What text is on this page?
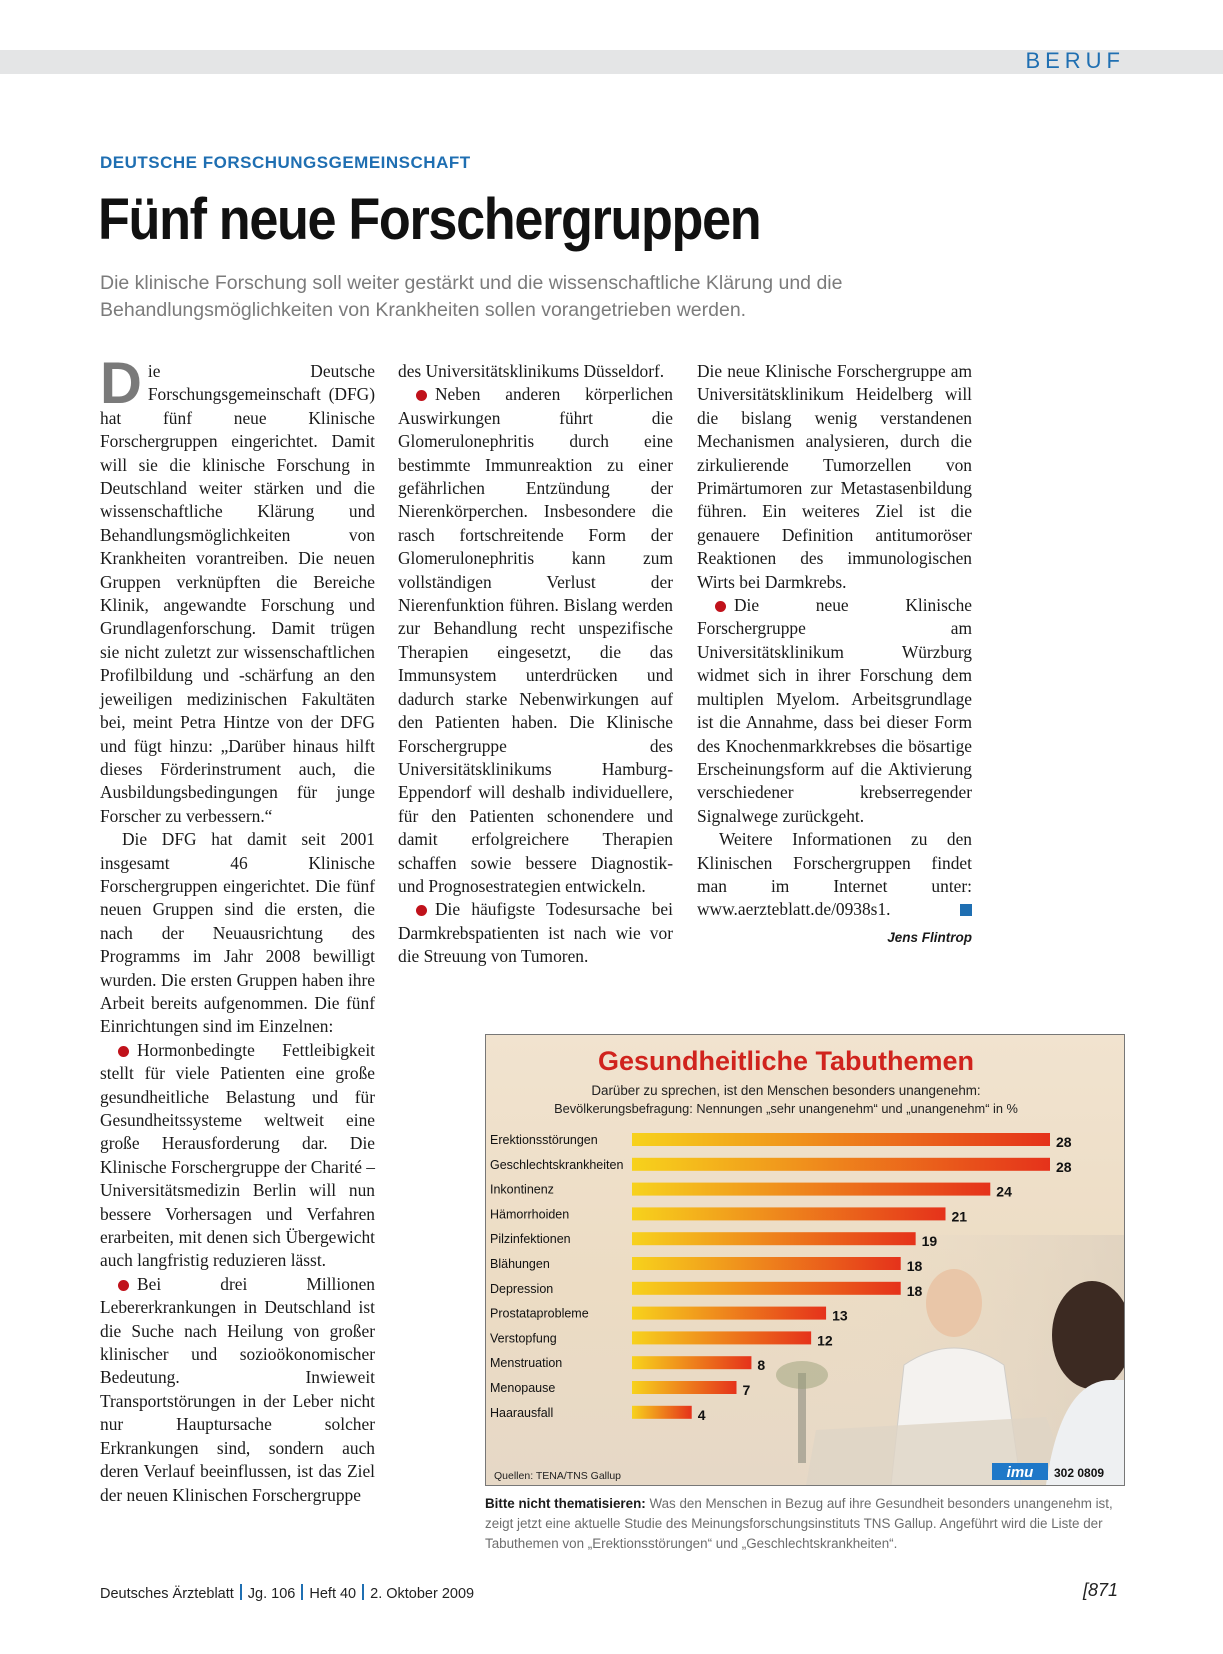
BERUF
DEUTSCHE FORSCHUNGSGEMEINSCHAFT
Fünf neue Forschergruppen
Die klinische Forschung soll weiter gestärkt und die wissenschaftliche Klärung und die Behandlungsmöglichkeiten von Krankheiten sollen vorangetrieben werden.

Die Deutsche Forschungsgemeinschaft (DFG) hat fünf neue Klinische Forschergruppen eingerichtet. Damit will sie die klinische Forschung in Deutschland weiter stärken und die wissenschaftliche Klärung und Behandlungsmöglichkeiten von Krankheiten vorantreiben. Die neuen Gruppen verknüpften die Bereiche Klinik, angewandte Forschung und Grundlagenforschung. Damit trügen sie nicht zuletzt zur wissenschaftlichen Profilbildung und -schärfung an den jeweiligen medizinischen Fakultäten bei, meint Petra Hintze von der DFG und fügt hinzu: „Darüber hinaus hilft dieses Förderinstrument auch, die Ausbildungsbedingungen für junge Forscher zu verbessern.“

Die DFG hat damit seit 2001 insgesamt 46 Klinische Forschergruppen eingerichtet. Die fünf neuen Gruppen sind die ersten, die nach der Neuausrichtung des Programms im Jahr 2008 bewilligt wurden. Die ersten Gruppen haben ihre Arbeit bereits aufgenommen. Die fünf Einrichtungen sind im Einzelnen:

Hormonbedingte Fettleibigkeit stellt für viele Patienten eine große gesundheitliche Belastung und für Gesundheitssysteme weltweit eine große Herausforderung dar. Die Klinische Forschergruppe der Charité – Universitätsmedizin Berlin will nun bessere Vorhersagen und Verfahren erarbeiten, mit denen sich Übergewicht auch langfristig reduzieren lässt.

Bei drei Millionen Lebererkrankungen in Deutschland ist die Suche nach Heilung von großer klinischer und sozioökonomischer Bedeutung. Inwieweit Transportstörungen in der Leber nicht nur Hauptursache solcher Erkrankungen sind, sondern auch deren Verlauf beeinflussen, ist das Ziel der neuen Klinischen Forschergruppe

des Universitätsklinikums Düsseldorf.

Neben anderen körperlichen Auswirkungen führt die Glomerulonephritis durch eine bestimmte Immunreaktion zu einer gefährlichen Entzündung der Nierenkörperchen. Insbesondere die rasch fortschreitende Form der Glomerulonephritis kann zum vollständigen Verlust der Nierenfunktion führen. Bislang werden zur Behandlung recht unspezifische Therapien eingesetzt, die das Immunsystem unterdrücken und dadurch starke Nebenwirkungen auf den Patienten haben. Die Klinische Forschergruppe des Universitätsklinikums Hamburg-Eppendorf will deshalb individuellere, für den Patienten schonendere und damit erfolgreichere Therapien schaffen sowie bessere Diagnostik- und Prognosestrategien entwickeln.

Die häufigste Todesursache bei Darmkrebspatienten ist nach wie vor die Streuung von Tumoren.

Die neue Klinische Forschergruppe am Universitätsklinikum Heidelberg will die bislang wenig verstandenen Mechanismen analysieren, durch die zirkulierende Tumorzellen von Primärtumoren zur Metastasenbildung führen. Ein weiteres Ziel ist die genauere Definition antitumoröser Reaktionen des immunologischen Wirts bei Darmkrebs.

Die neue Klinische Forschergruppe am Universitätsklinikum Würzburg widmet sich in ihrer Forschung dem multiplen Myelom. Arbeitsgrundlage ist die Annahme, dass bei dieser Form des Knochenmarkkrebses die bösartige Erscheinungsform auf die Aktivierung verschiedener krebserregender Signalwege zurückgeht.

Weitere Informationen zu den Klinischen Forschergruppen findet man im Internet unter: www.aerzteblatt.de/0938s1.

Jens Flintrop
Gesundheitliche Tabuthemen
Darüber zu sprechen, ist den Menschen besonders unangenehm:
Bevölkerungsbefragung: Nennungen „sehr unangenehm“ und „unangenehm“ in %
Erektionsstörungen	28
Geschlechtskrankheiten	28
Inkontinenz	24
Hämorrhoiden	21
Pilzinfektionen	19
Blähungen	18
Depression	18
Prostataprobleme	13
Verstopfung	12
Menstruation	8
Menopause	7
Haarausfall	4
Quellen: TENA/TNS Gallup	imu 302 0809
Bitte nicht thematisieren: Was den Menschen in Bezug auf ihre Gesundheit besonders unangenehm ist, zeigt jetzt eine aktuelle Studie des Meinungsforschungsinstituts TNS Gallup. Angeführt wird die Liste der Tabuthemen von „Erektionsstörungen“ und „Geschlechtskrankheiten“.
Deutsches Ärzteblatt Jg. 106 Heft 40 2. Oktober 2009	[871
